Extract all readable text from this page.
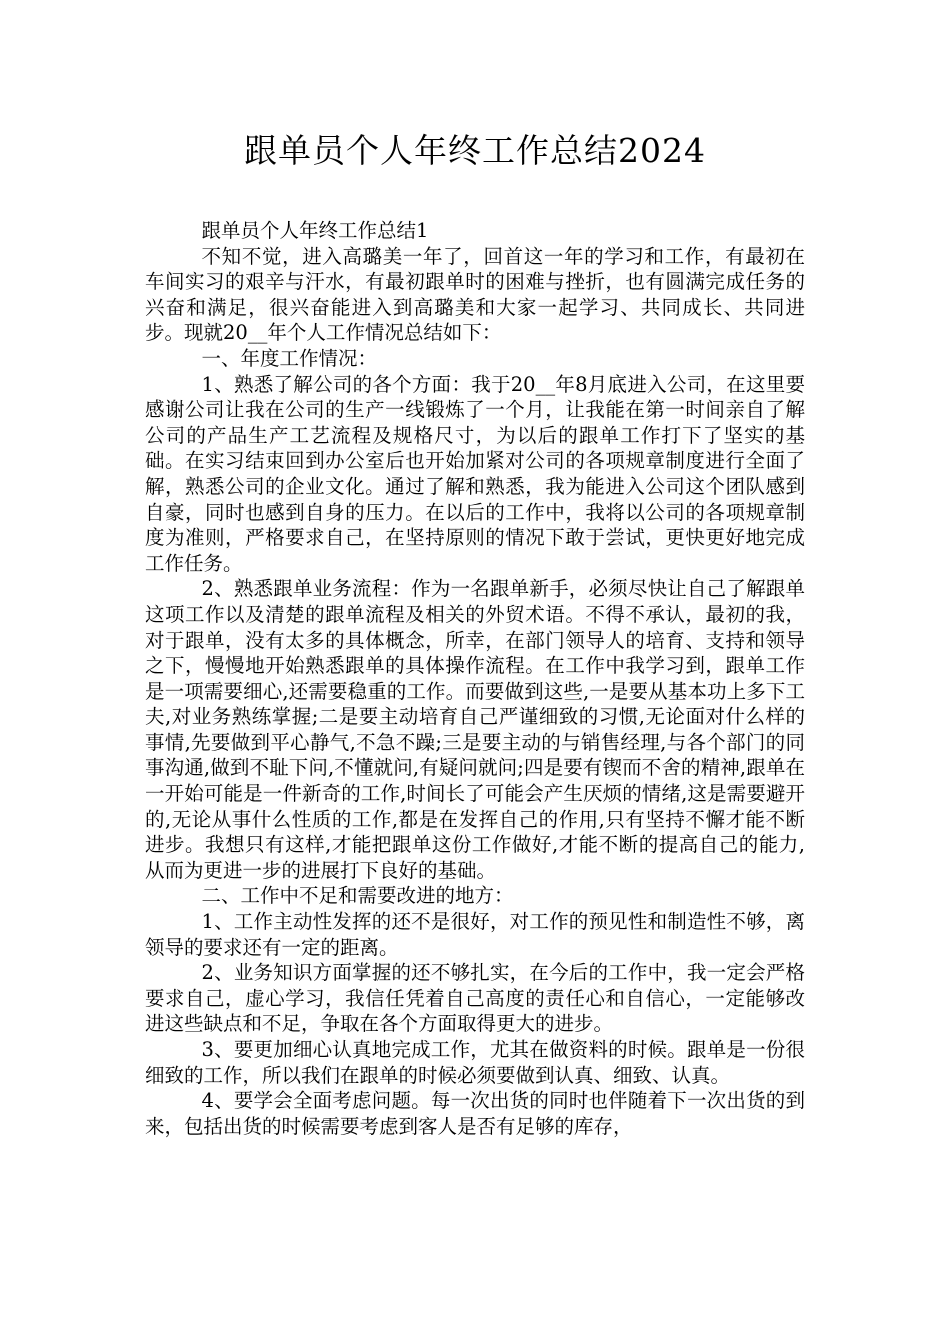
跟单员个人年终工作总结2024

跟单员个人年终工作总结1

不知不觉，进入高璐美一年了，回首这一年的学习和工作，有最初在车间实习的艰辛与汗水，有最初跟单时的困难与挫折，也有圆满完成任务的兴奋和满足，很兴奋能进入到高璐美和大家一起学习、共同成长、共同进步。现就20__年个人工作情况总结如下：

一、年度工作情况：

1、熟悉了解公司的各个方面：我于20__年8月底进入公司，在这里要感谢公司让我在公司的生产一线锻炼了一个月，让我能在第一时间亲自了解公司的产品生产工艺流程及规格尺寸，为以后的跟单工作打下了坚实的基础。在实习结束回到办公室后也开始加紧对公司的各项规章制度进行全面了解，熟悉公司的企业文化。通过了解和熟悉，我为能进入公司这个团队感到自豪，同时也感到自身的压力。在以后的工作中，我将以公司的各项规章制度为准则，严格要求自己，在坚持原则的情况下敢于尝试，更快更好地完成工作任务。

2、熟悉跟单业务流程：作为一名跟单新手，必须尽快让自己了解跟单这项工作以及清楚的跟单流程及相关的外贸术语。不得不承认，最初的我，对于跟单，没有太多的具体概念，所幸，在部门领导人的培育、支持和领导之下，慢慢地开始熟悉跟单的具体操作流程。在工作中我学习到，跟单工作是一项需要细心,还需要稳重的工作。而要做到这些,一是要从基本功上多下工夫,对业务熟练掌握;二是要主动培育自己严谨细致的习惯,无论面对什么样的事情,先要做到平心静气,不急不躁;三是要主动的与销售经理,与各个部门的同事沟通,做到不耻下问,不懂就问,有疑问就问;四是要有锲而不舍的精神,跟单在一开始可能是一件新奇的工作,时间长了可能会产生厌烦的情绪,这是需要避开的,无论从事什么性质的工作,都是在发挥自己的作用,只有坚持不懈才能不断进步。我想只有这样,才能把跟单这份工作做好,才能不断的提高自己的能力,从而为更进一步的进展打下良好的基础。

二、工作中不足和需要改进的地方：

1、工作主动性发挥的还不是很好，对工作的预见性和制造性不够，离领导的要求还有一定的距离。

2、业务知识方面掌握的还不够扎实，在今后的工作中，我一定会严格要求自己，虚心学习，我信任凭着自己高度的责任心和自信心，一定能够改进这些缺点和不足，争取在各个方面取得更大的进步。

3、要更加细心认真地完成工作，尤其在做资料的时候。跟单是一份很细致的工作，所以我们在跟单的时候必须要做到认真、细致、认真。

4、要学会全面考虑问题。每一次出货的同时也伴随着下一次出货的到来，包括出货的时候需要考虑到客人是否有足够的库存，
